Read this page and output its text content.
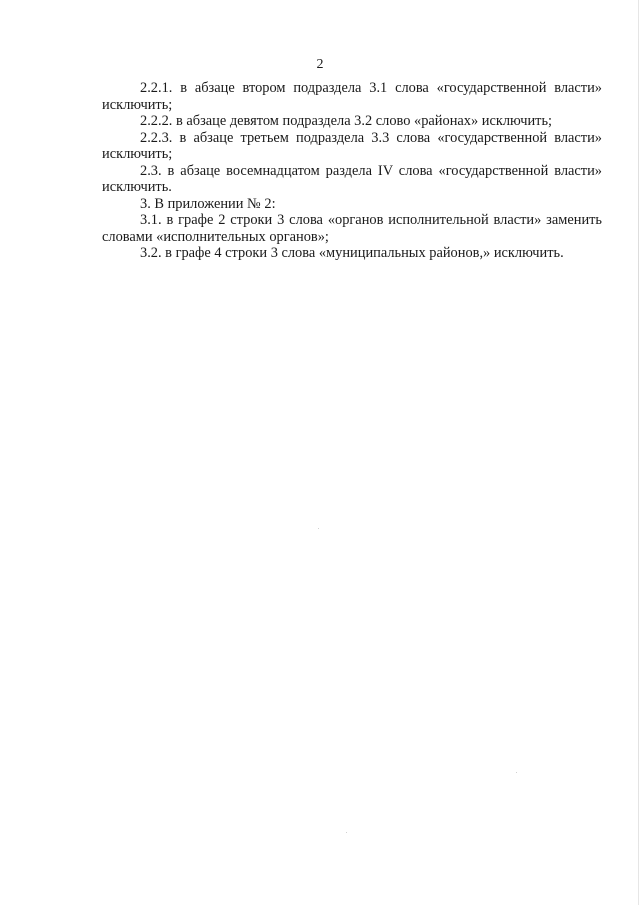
2

2.2.1. в абзаце втором подраздела 3.1 слова «государственной власти» исключить;

2.2.2. в абзаце девятом подраздела 3.2 слово «районах» исключить;

2.2.3. в абзаце третьем подраздела 3.3 слова «государственной власти» исключить;

2.3. в абзаце восемнадцатом раздела IV слова «государственной власти» исключить.

3. В приложении № 2:

3.1. в графе 2 строки 3 слова «органов исполнительной власти» заменить словами «исполнительных органов»;

3.2. в графе 4 строки 3 слова «муниципальных районов,» исключить.
